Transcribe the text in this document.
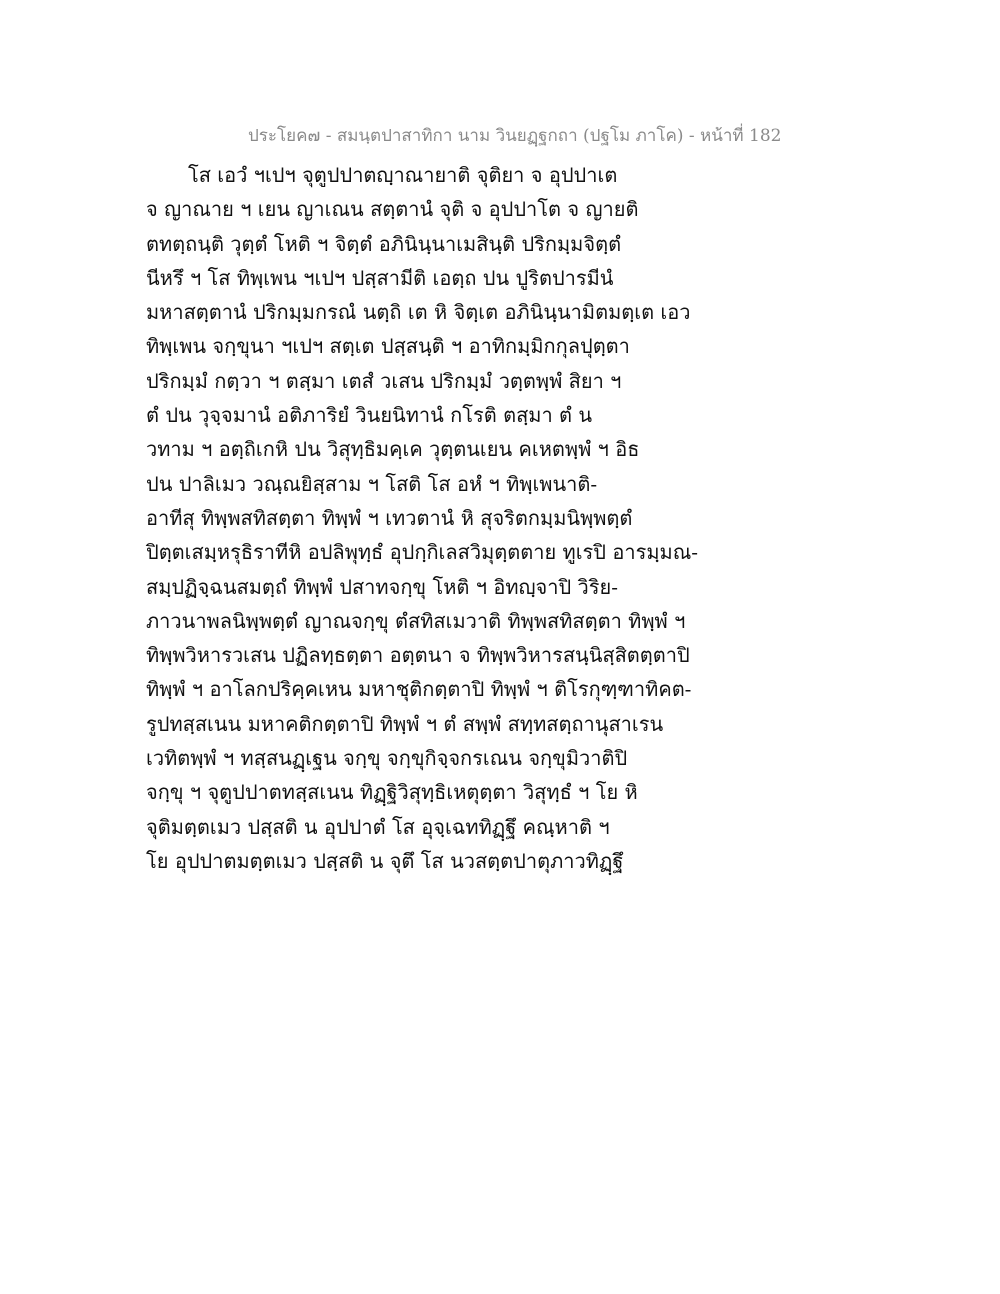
ประโยค๗ - สมนฺตปาสาทิกา นาม วินยฏฺฐกถา (ปฐโม ภาโค) - หน้าที่ 182
โส เอวํ ฯเปฯ จุตูปปาตญฺาณายาติ จุติยา จ อุปปาเต
จ ญาณาย ฯ เยน ญาเณน สตฺตานํ จุติ จ อุปปาโต จ ญายติ
ตทตฺถนฺติ วุตฺตํ โหติ ฯ จิตฺตํ อภินินฺนาเมสินฺติ ปริกมฺมจิตฺตํ
นีหรึ ฯ โส ทิพฺเพน ฯเปฯ ปสฺสามีติ เอตฺถ ปน ปูริตปารมีนํ
มหาสตฺตานํ ปริกมฺมกรณํ นตฺถิ เต หิ จิตฺเต อภินินฺนามิตมตฺเต เอว
ทิพฺเพน จกฺขุนา ฯเปฯ สตฺเต ปสฺสนฺติ ฯ อาทิกมฺมิกกุลปุตฺตา
ปริกมฺมํ กตฺวา ฯ ตสฺมา เตสํ วเสน ปริกมฺมํ วตฺตพฺพํ สิยา ฯ
ตํ ปน วุจฺจมานํ อติภาริยํ วินยนิทานํ กโรติ ตสฺมา ตํ น
วทาม ฯ อตฺถิเกหิ ปน วิสุทฺธิมคฺเค วุตฺตนเยน คเหตพฺพํ ฯ อิธ
ปน ปาลิเมว วณฺณยิสฺสาม ฯ โสติ โส อหํ ฯ ทิพฺเพนาติ-
อาทีสุ ทิพฺพสทิสตฺตา ทิพฺพํ ฯ เทวตานํ หิ สุจริตกมฺมนิพฺพตฺตํ
ปิตฺตเสมฺหรุธิราทีหิ อปลิพุทฺธํ อุปกฺกิเลสวิมุตฺตตาย ทูเรปิ อารมฺมณ-
สมฺปฏิจฺฉนสมตฺถํ ทิพฺพํ ปสาทจกฺขุ โหติ ฯ อิทญฺจาปิ วิริย-
ภาวนาพลนิพฺพตฺตํ ญาณจกฺขุ ตํสทิสเมวาติ ทิพฺพสทิสตฺตา ทิพฺพํ ฯ
ทิพฺพวิหารวเสน ปฏิลทฺธตฺตา อตฺตนา จ ทิพฺพวิหารสนฺนิสฺสิตตฺตาปิ
ทิพฺพํ ฯ อาโลกปริคฺคเหน มหาชุติกตฺตาปิ ทิพฺพํ ฯ ติโรกุฑฺฑาทิคต-
รูปทสฺสเนน มหาคติกตฺตาปิ ทิพฺพํ ฯ ตํ สพฺพํ สทฺทสตฺถานุสาเรน
เวทิตพฺพํ ฯ ทสฺสนฏฺเฐน จกฺขุ จกฺขุกิจฺจกรเณน จกฺขุมิวาติปิ
จกฺขุ ฯ จุตูปปาตทสฺสเนน ทิฏฺฐิวิสุทฺธิเหตุตฺตา วิสุทฺธํ ฯ โย หิ
จุติมตฺตเมว ปสฺสติ น อุปปาตํ โส อุจฺเฉททิฏฺฐึ คณฺหาติ ฯ
โย อุปปาตมตฺตเมว ปสฺสติ น จุตึ โส นวสตฺตปาตุภาวทิฏฺฐึ
